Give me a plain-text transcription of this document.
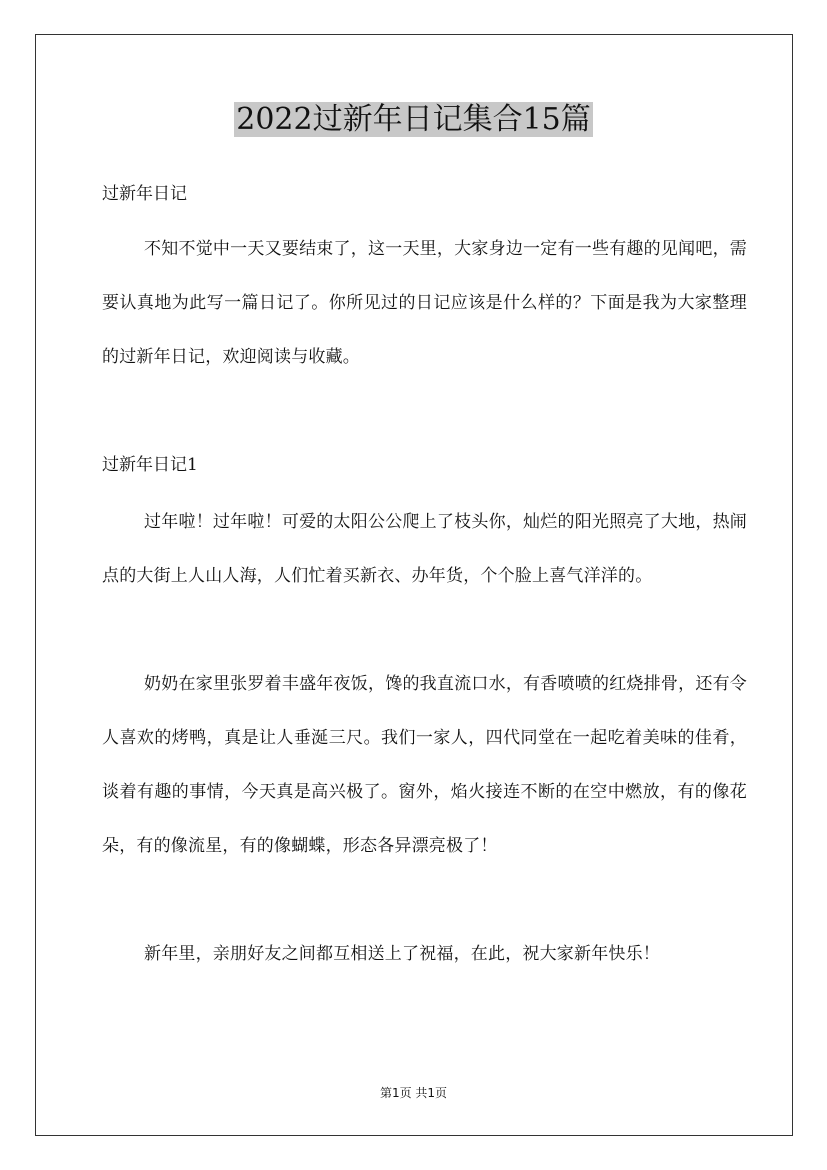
2022过新年日记集合15篇
过新年日记

不知不觉中一天又要结束了，这一天里，大家身边一定有一些有趣的见闻吧，需要认真地为此写一篇日记了。你所见过的日记应该是什么样的？下面是我为大家整理的过新年日记，欢迎阅读与收藏。

过新年日记1

过年啦！过年啦！可爱的太阳公公爬上了枝头你，灿烂的阳光照亮了大地，热闹点的大街上人山人海，人们忙着买新衣、办年货，个个脸上喜气洋洋的。

奶奶在家里张罗着丰盛年夜饭，馋的我直流口水，有香喷喷的红烧排骨，还有令人喜欢的烤鸭，真是让人垂涎三尺。我们一家人，四代同堂在一起吃着美味的佳肴，谈着有趣的事情，今天真是高兴极了。窗外，焰火接连不断的在空中燃放，有的像花朵，有的像流星，有的像蝴蝶，形态各异漂亮极了！

新年里，亲朋好友之间都互相送上了祝福，在此，祝大家新年快乐！

第1页 共1页
